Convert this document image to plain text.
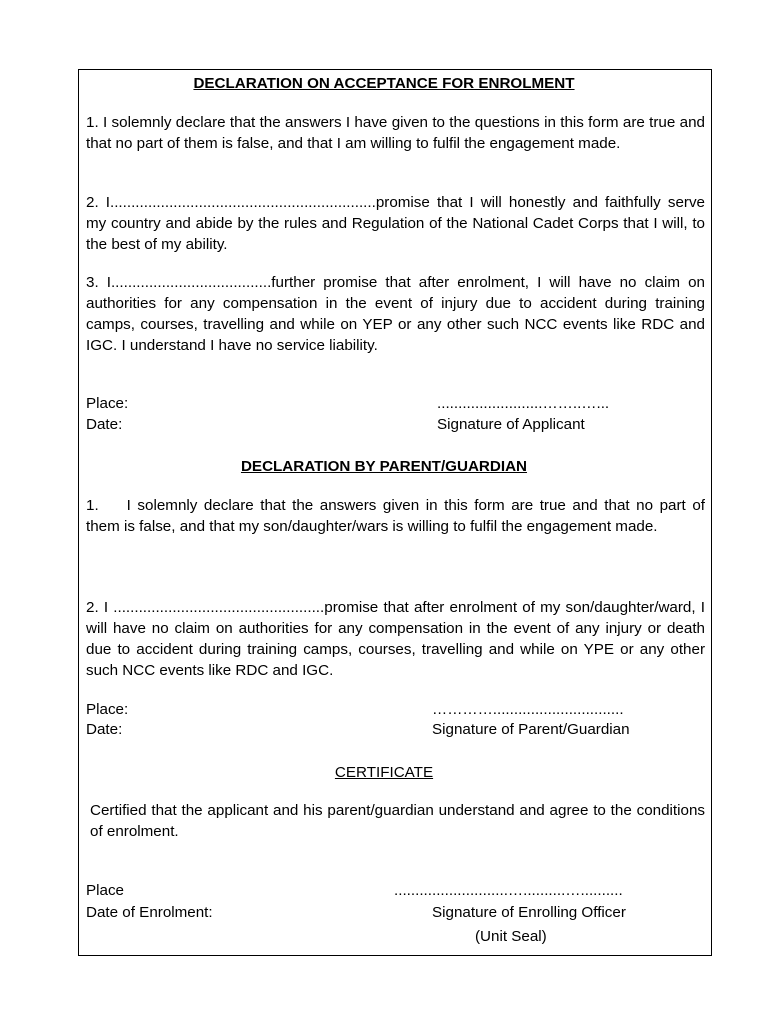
DECLARATION ON ACCEPTANCE FOR ENROLMENT

1. I solemnly declare that the answers I have given to the questions in this form are true and that no part of them is false, and that I am willing to fulfil the engagement made.

2. I...............................................................promise that I will honestly and faithfully serve my country and abide by the rules and Regulation of the National Cadet Corps that I will, to the best of my ability.

3. I......................................further promise that after enrolment, I will have no claim on authorities for any compensation in the event of injury due to accident during training camps, courses, travelling and while on YEP or any other such NCC events like RDC and IGC. I understand I have no service liability.

Place:	.........................……..…...

Date:	Signature of Applicant

DECLARATION BY PARENT/GUARDIAN

1. I solemnly declare that the answers given in this form are true and that no part of them is false, and that my son/daughter/wars is willing to fulfil the engagement made.

2. I ..................................................promise that after enrolment of my son/daughter/ward, I will have no claim on authorities for any compensation in the event of any injury or death due to accident during training camps, courses, travelling and while on YPE or any other such NCC events like RDC and IGC.

Place:	…………...............................

Date:	Signature of Parent/Guardian

CERTIFICATE

Certified that the applicant and his parent/guardian understand and agree to the conditions of enrolment.

Place	...........................…..........…..........

Date of Enrolment:	Signature of Enrolling Officer

(Unit Seal)
